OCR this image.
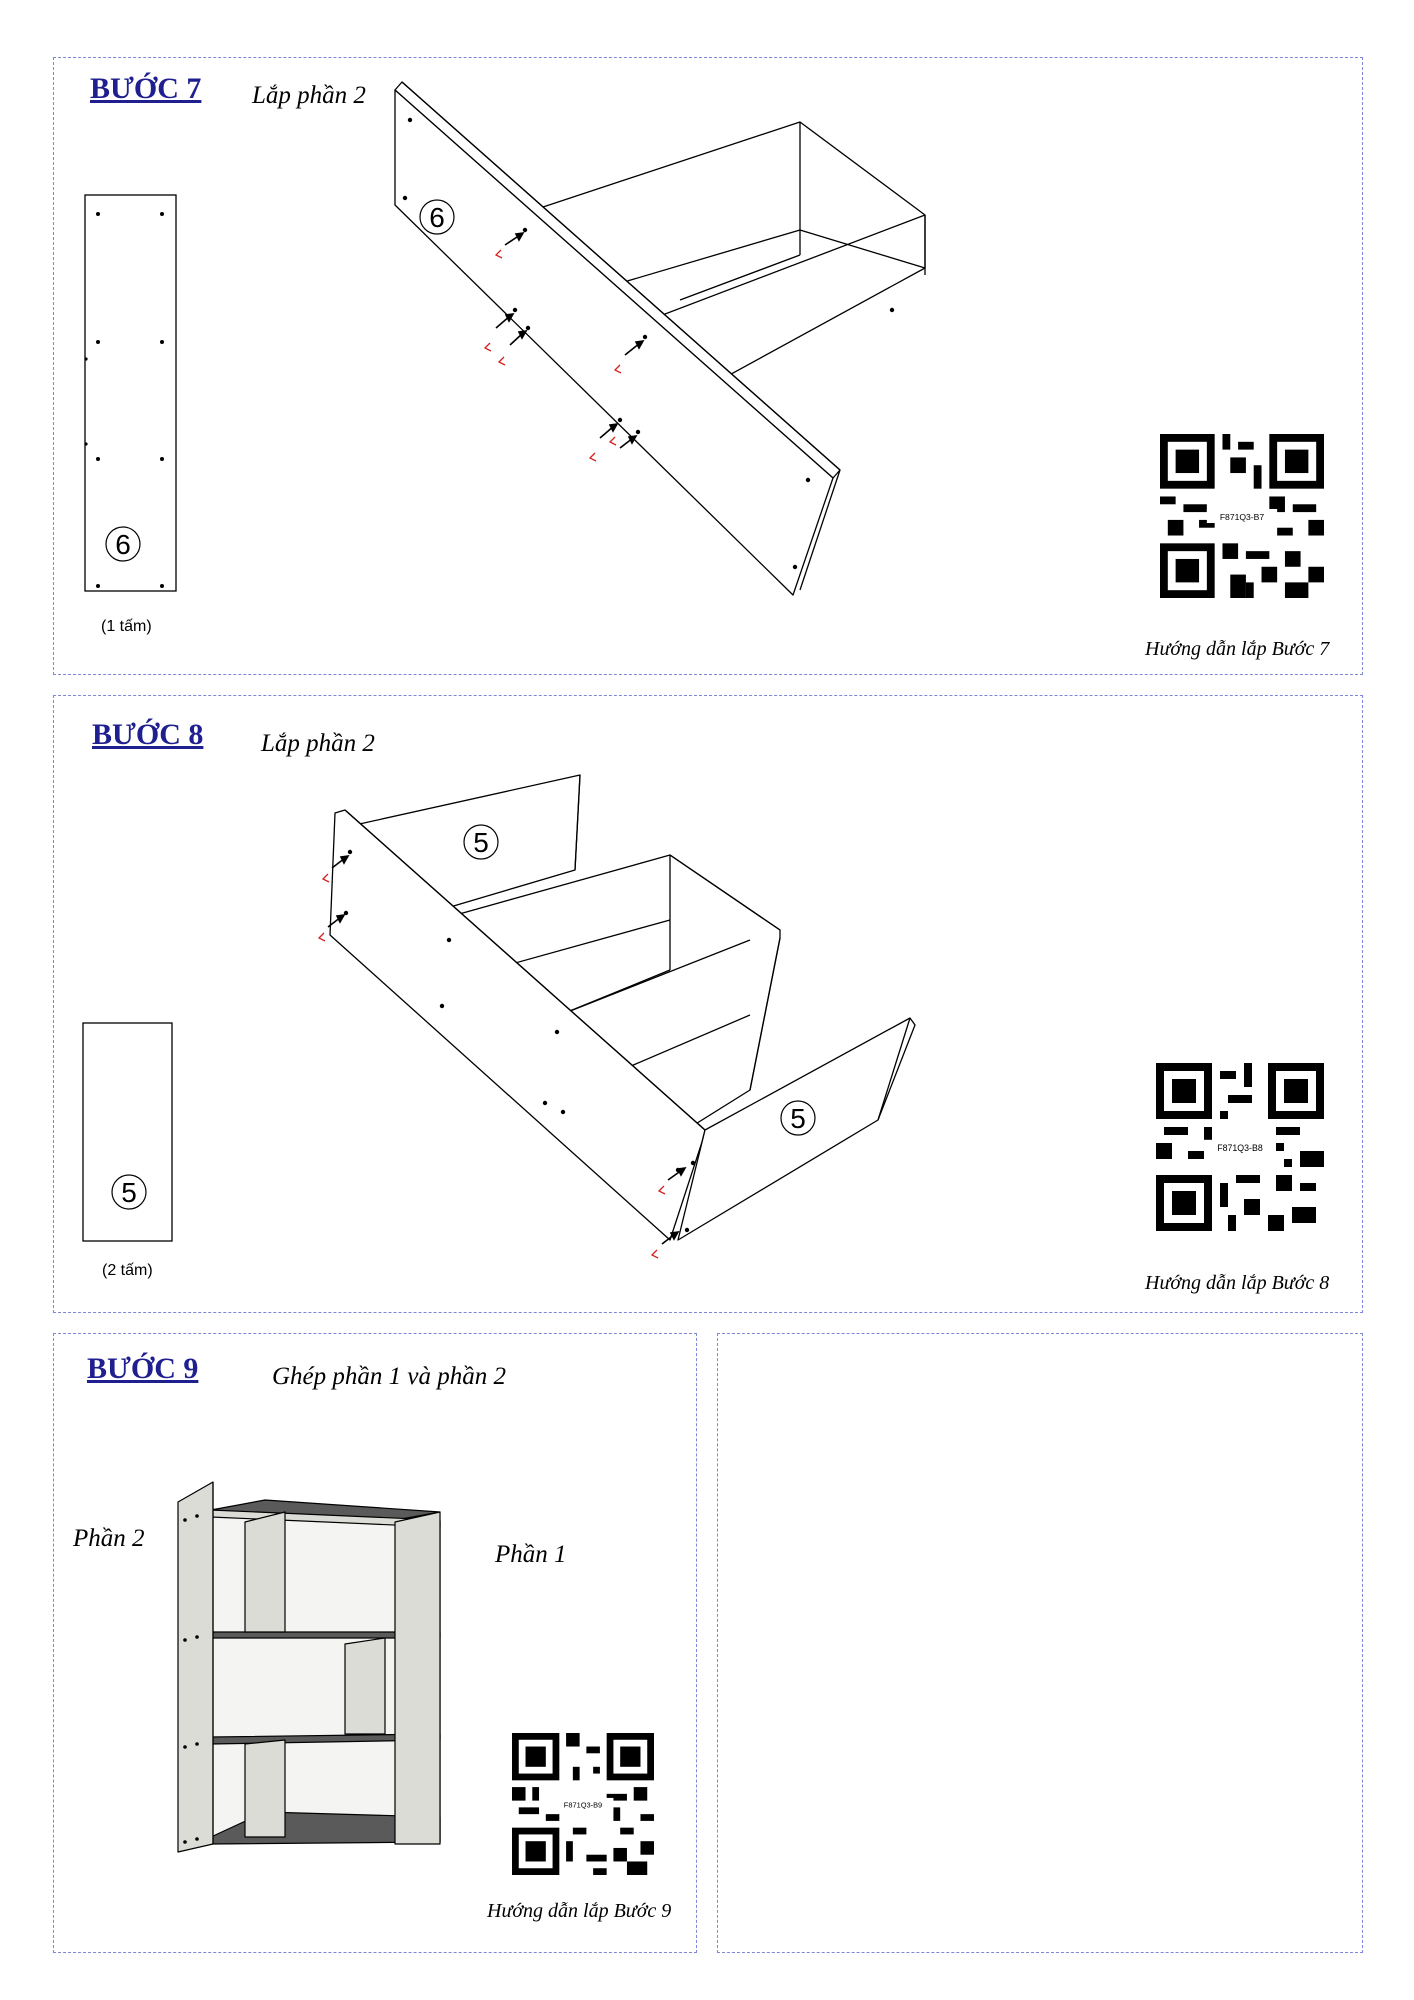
BƯỚC 7 Lắp phần 2
6
(1 tấm)
6
F871Q3-B7
Hướng dẫn lắp Bước 7
BƯỚC 8 Lắp phần 2
5
(2 tấm)
5
5
F871Q3-B8
Hướng dẫn lắp Bước 8
BƯỚC 9	Ghép phần 1 và phần 2
Phần 2
Phần 1
F871Q3-B9
Hướng dẫn lắp Bước 9
